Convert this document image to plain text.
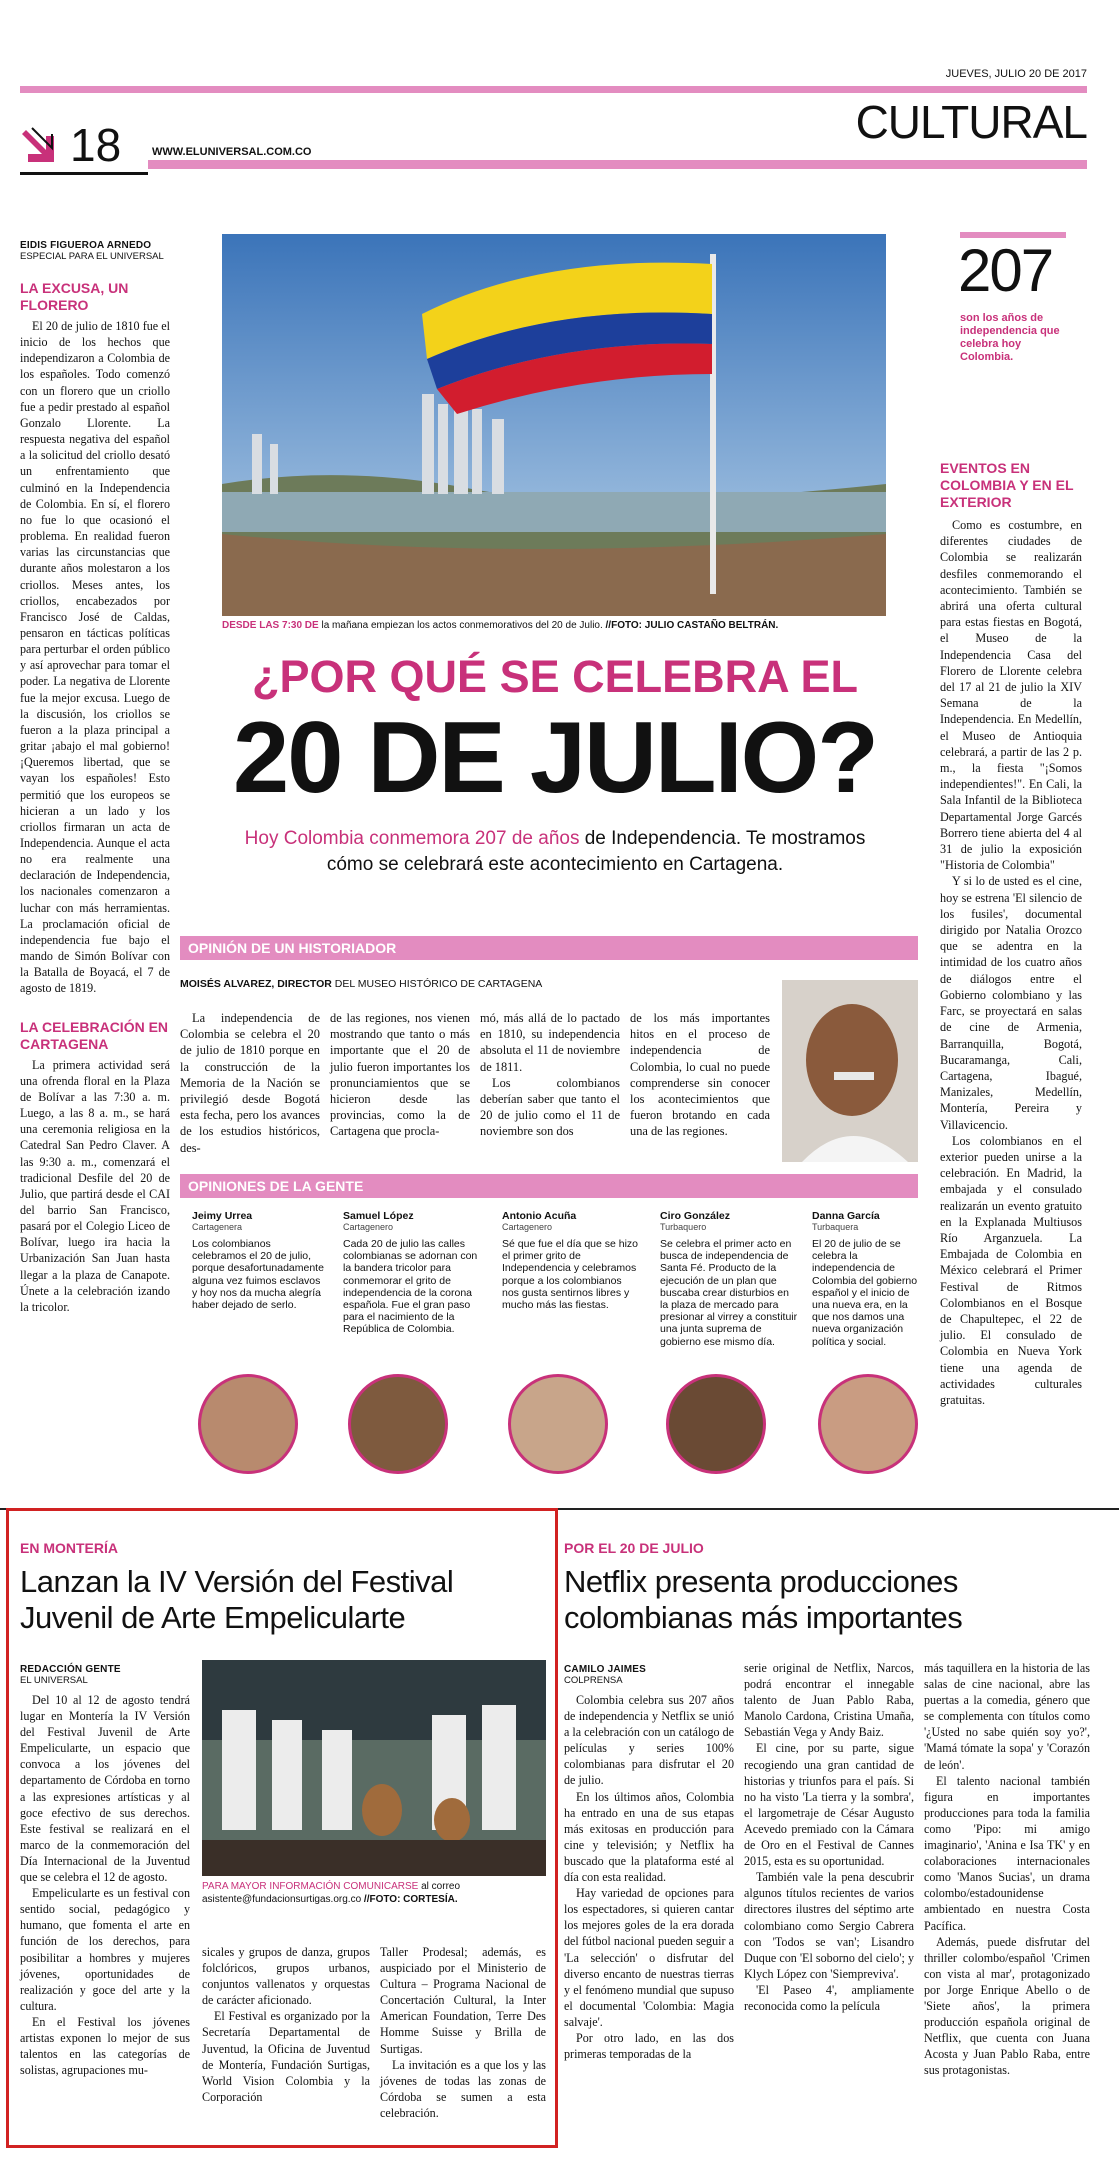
JUEVES, JULIO 20 DE 2017
CULTURAL
18	WWW.ELUNIVERSAL.COM.CO
EIDIS FIGUEROA ARNEDO
ESPECIAL PARA EL UNIVERSAL
LA EXCUSA, UN FLORERO

El 20 de julio de 1810 fue el inicio de los hechos que independizaron a Colombia de los españoles. Todo comenzó con un florero que un criollo fue a pedir prestado al español Gonzalo Llorente. La respuesta negativa del español a la solicitud del criollo desató un enfrentamiento que culminó en la Independencia de Colombia. En sí, el florero no fue lo que ocasionó el problema. En realidad fueron varias las circunstancias que durante años molestaron a los criollos. Meses antes, los criollos, encabezados por Francisco José de Caldas, pensaron en tácticas políticas para perturbar el orden público y así aprovechar para tomar el poder. La negativa de Llorente fue la mejor excusa. Luego de la discusión, los criollos se fueron a la plaza principal a gritar ¡abajo el mal gobierno! ¡Queremos libertad, que se vayan los españoles! Esto permitió que los europeos se hicieran a un lado y los criollos firmaran un acta de Independencia. Aunque el acta no era realmente una declaración de Independencia, los nacionales comenzaron a luchar con más herramientas. La proclamación oficial de independencia fue bajo el mando de Simón Bolívar con la Batalla de Boyacá, el 7 de agosto de 1819.

LA CELEBRACIÓN EN CARTAGENA

La primera actividad será una ofrenda floral en la Plaza de Bolívar a las 7:30 a. m. Luego, a las 8 a. m., se hará una ceremonia religiosa en la Catedral San Pedro Claver. A las 9:30 a. m., comenzará el tradicional Desfile del 20 de Julio, que partirá desde el CAI del barrio San Francisco, pasará por el Colegio Liceo de Bolívar, luego ira hacia la Urbanización San Juan hasta llegar a la plaza de Canapote. Únete a la celebración izando la tricolor.

DESDE LAS 7:30 DE la mañana empiezan los actos conmemorativos del 20 de Julio. //FOTO: JULIO CASTAÑO BELTRÁN.
¿POR QUÉ SE CELEBRA EL
20 DE JULIO?
Hoy Colombia conmemora 207 de años de Independencia. Te mostramos
cómo se celebrará este acontecimiento en Cartagena.
OPINIÓN DE UN HISTORIADOR
MOISÉS ALVAREZ, DIRECTOR DEL MUSEO HISTÓRICO DE CARTAGENA

La independencia de Colombia se celebra el 20 de julio de 1810 porque en la construcción de la Memoria de la Nación se privilegió desde Bogotá esta fecha, pero los avances de los estudios históricos, des-

de las regiones, nos vienen mostrando que tanto o más importante que el 20 de julio fueron importantes los pronunciamientos que se hicieron desde las provincias, como la de Cartagena que procla-

mó, más allá de lo pactado en 1810, su independencia absoluta el 11 de noviembre de 1811.

Los colombianos deberían saber que tanto el 20 de julio como el 11 de noviembre son dos

de los más importantes hitos en el proceso de independencia de Colombia, lo cual no puede comprenderse sin conocer los acontecimientos que fueron brotando en cada una de las regiones.

OPINIONES DE LA GENTE
Jeimy Urrea
Cartagenera
Los colombianos celebramos el 20 de julio, porque desafortunadamente alguna vez fuimos esclavos y hoy nos da mucha alegría haber dejado de serlo.
Samuel López
Cartagenero
Cada 20 de julio las calles colombianas se adornan con la bandera tricolor para conmemorar el grito de independencia de la corona española. Fue el gran paso para el nacimiento de la República de Colombia.
Antonio Acuña
Cartagenero
Sé que fue el día que se hizo el primer grito de Independencia y celebramos porque a los colombianos nos gusta sentirnos libres y mucho más las fiestas.
Ciro González
Turbaquero
Se celebra el primer acto en busca de independencia de Santa Fé. Producto de la ejecución de un plan que buscaba crear disturbios en la plaza de mercado para presionar al virrey a constituir una junta suprema de gobierno ese mismo día.
Danna García
Turbaquera
El 20 de julio de se celebra la independencia de Colombia del gobierno español y el inicio de una nueva era, en la que nos damos una nueva organización política y social.
207
son los años de independencia que celebra hoy Colombia.
EVENTOS EN COLOMBIA Y EN EL EXTERIOR

Como es costumbre, en diferentes ciudades de Colombia se realizarán desfiles conmemorando el acontecimiento. También se abrirá una oferta cultural para estas fiestas en Bogotá, el Museo de la Independencia Casa del Florero de Llorente celebra del 17 al 21 de julio la XIV Semana de la Independencia. En Medellín, el Museo de Antioquia celebrará, a partir de las 2 p. m., la fiesta "¡Somos independientes!". En Cali, la Sala Infantil de la Biblioteca Departamental Jorge Garcés Borrero tiene abierta del 4 al 31 de julio la exposición "Historia de Colombia"

Y si lo de usted es el cine, hoy se estrena 'El silencio de los fusiles', documental dirigido por Natalia Orozco que se adentra en la intimidad de los cuatro años de diálogos entre el Gobierno colombiano y las Farc, se proyectará en salas de cine de Armenia, Barranquilla, Bogotá, Bucaramanga, Cali, Cartagena, Ibagué, Manizales, Medellín, Montería, Pereira y Villavicencio.

Los colombianos en el exterior pueden unirse a la celebración. En Madrid, la embajada y el consulado realizarán un evento gratuito en la Explanada Multiusos Río Arganzuela. La Embajada de Colombia en México celebrará el Primer Festival de Ritmos Colombianos en el Bosque de Chapultepec, el 22 de julio. El consulado de Colombia en Nueva York tiene una agenda de actividades culturales gratuitas.

EN MONTERÍA
Lanzan la IV Versión del Festival Juvenil de Arte Empelicularte
REDACCIÓN GENTE
EL UNIVERSAL

Del 10 al 12 de agosto tendrá lugar en Montería la IV Versión del Festival Juvenil de Arte Empelicularte, un espacio que convoca a los jóvenes del departamento de Córdoba en torno a las expresiones artísticas y al goce efectivo de sus derechos. Este festival se realizará en el marco de la conmemoración del Día Internacional de la Juventud que se celebra el 12 de agosto.

Empelicularte es un festival con sentido social, pedagógico y humano, que fomenta el arte en función de los derechos, para posibilitar a hombres y mujeres jóvenes, oportunidades de realización y goce del arte y la cultura.

En el Festival los jóvenes artistas exponen lo mejor de sus talentos en las categorías de solistas, agrupaciones mu-

PARA MAYOR INFORMACIÓN COMUNICARSE al correo asistente@fundacionsurtigas.org.co //FOTO: CORTESÍA.

sicales y grupos de danza, grupos folclóricos, grupos urbanos, conjuntos vallenatos y orquestas de carácter aficionado.

El Festival es organizado por la Secretaría Departamental de Juventud, la Oficina de Juventud de Montería, Fundación Surtigas, World Vision Colombia y la Corporación

Taller Prodesal; además, es auspiciado por el Ministerio de Cultura – Programa Nacional de Concertación Cultural, la Inter American Foundation, Terre Des Homme Suisse y Brilla de Surtigas.

La invitación es a que los y las jóvenes de todas las zonas de Córdoba se sumen a esta celebración.

POR EL 20 DE JULIO
Netflix presenta producciones colombianas más importantes
CAMILO JAIMES
COLPRENSA

Colombia celebra sus 207 años de independencia y Netflix se unió a la celebración con un catálogo de películas y series 100% colombianas para disfrutar el 20 de julio.

En los últimos años, Colombia ha entrado en una de sus etapas más exitosas en producción para cine y televisión; y Netflix ha buscado que la plataforma esté al día con esta realidad.

Hay variedad de opciones para los espectadores, si quieren cantar los mejores goles de la era dorada del fútbol nacional pueden seguir a 'La selección' o disfrutar del diverso encanto de nuestras tierras y el fenómeno mundial que supuso el documental 'Colombia: Magia salvaje'.

Por otro lado, en las dos primeras temporadas de la

serie original de Netflix, Narcos, podrá encontrar el innegable talento de Juan Pablo Raba, Manolo Cardona, Cristina Umaña, Sebastián Vega y Andy Baiz.

El cine, por su parte, sigue recogiendo una gran cantidad de historias y triunfos para el país. Si no ha visto 'La tierra y la sombra', el largometraje de César Augusto Acevedo premiado con la Cámara de Oro en el Festival de Cannes 2015, esta es su oportunidad.

También vale la pena descubrir algunos títulos recientes de varios directores ilustres del séptimo arte colombiano como Sergio Cabrera con 'Todos se van'; Lisandro Duque con 'El soborno del cielo'; y Klych López con 'Siempreviva'.

'El Paseo 4', ampliamente reconocida como la película

más taquillera en la historia de las salas de cine nacional, abre las puertas a la comedia, género que se complementa con títulos como '¿Usted no sabe quién soy yo?', 'Mamá tómate la sopa' y 'Corazón de león'.

El talento nacional también figura en importantes producciones para toda la familia como 'Pipo: mi amigo imaginario', 'Anina e Isa TK' y en colaboraciones internacionales como 'Manos Sucias', un drama colombo/estadounidense ambientado en nuestra Costa Pacífica.

Además, puede disfrutar del thriller colombo/español 'Crimen con vista al mar', protagonizado por Jorge Enrique Abello o de 'Siete años', la primera producción española original de Netflix, que cuenta con Juana Acosta y Juan Pablo Raba, entre sus protagonistas.
